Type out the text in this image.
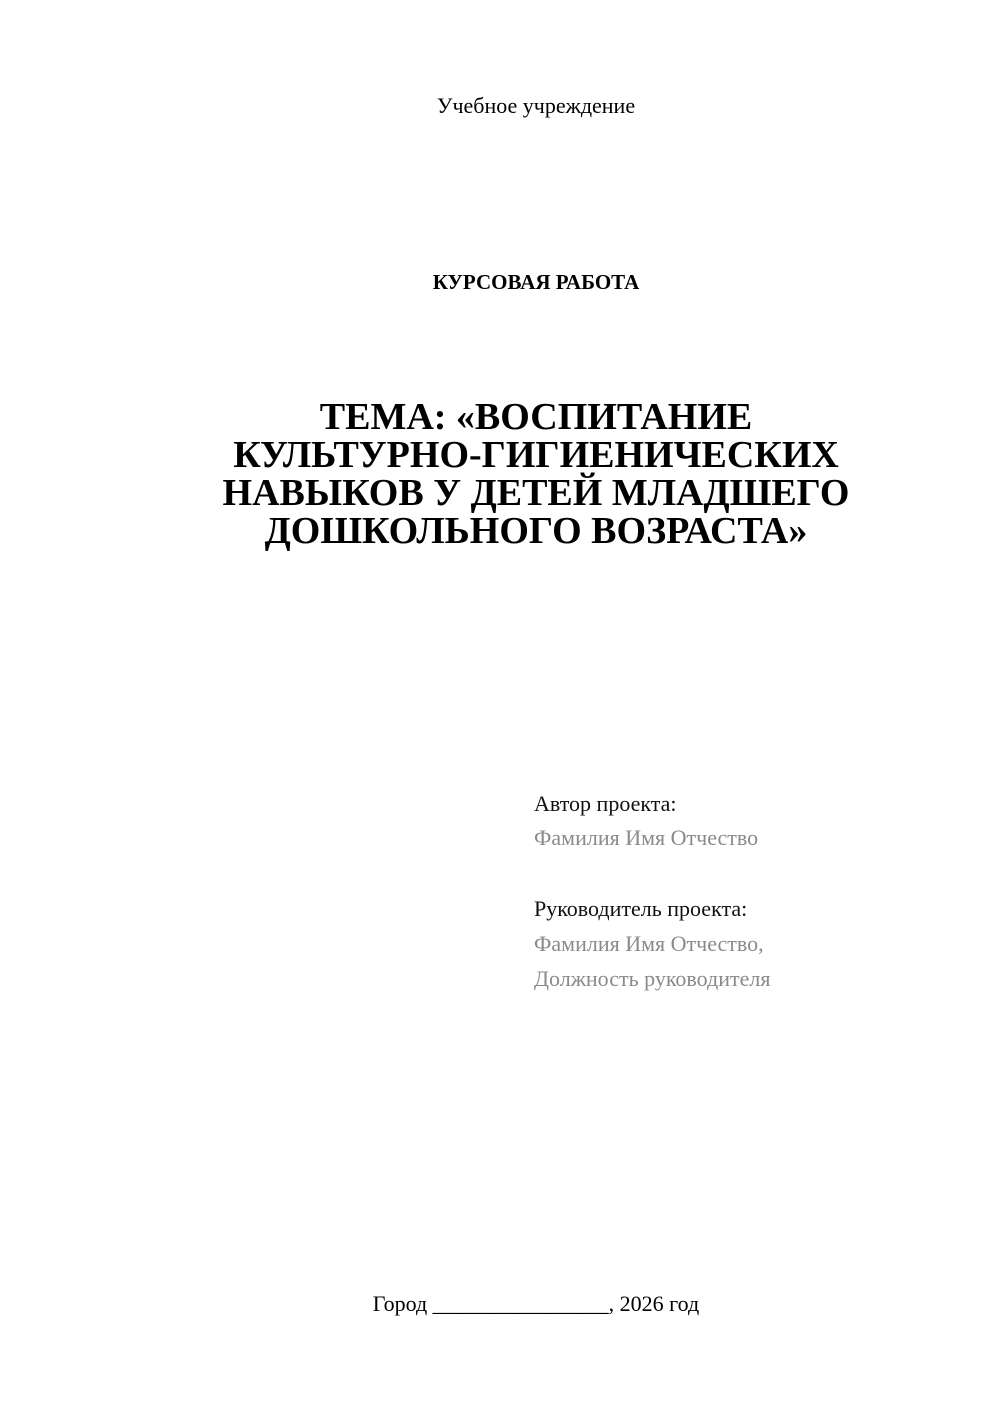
Учебное учреждение
КУРСОВАЯ РАБОТА
ТЕМА: «ВОСПИТАНИЕ
КУЛЬТУРНО-ГИГИЕНИЧЕСКИХ
НАВЫКОВ У ДЕТЕЙ МЛАДШЕГО
ДОШКОЛЬНОГО ВОЗРАСТА»
Автор проекта:
Фамилия Имя Отчество
Руководитель проекта:
Фамилия Имя Отчество,
Должность руководителя
Город ________________, 2026 год
